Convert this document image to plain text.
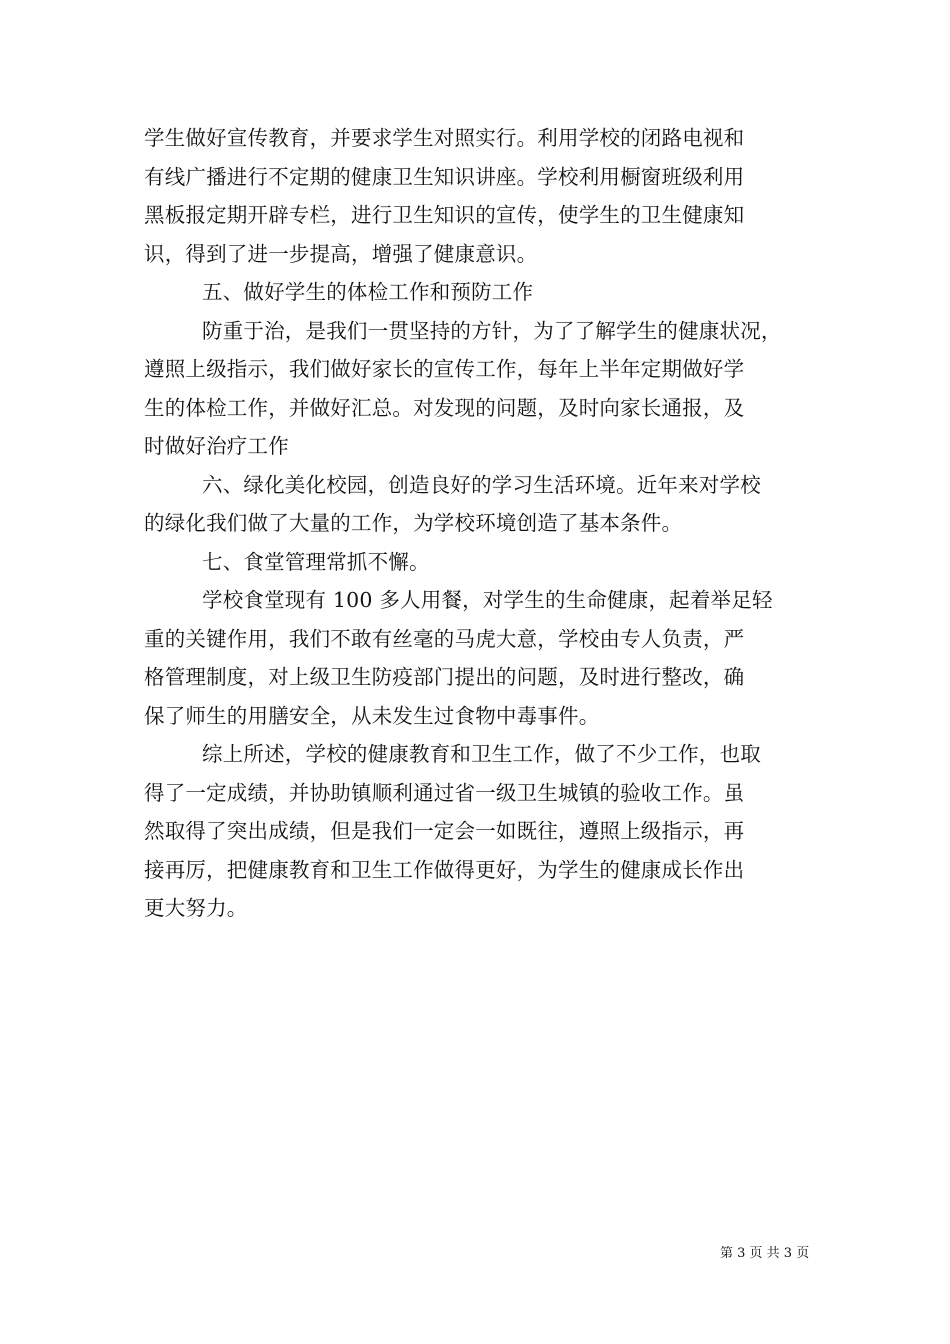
学生做好宣传教育，并要求学生对照实行。利用学校的闭路电视和
有线广播进行不定期的健康卫生知识讲座。学校利用橱窗班级利用
黑板报定期开辟专栏，进行卫生知识的宣传，使学生的卫生健康知
识，得到了进一步提高，增强了健康意识。
五、做好学生的体检工作和预防工作
防重于治，是我们一贯坚持的方针，为了了解学生的健康状况，
遵照上级指示，我们做好家长的宣传工作，每年上半年定期做好学
生的体检工作，并做好汇总。对发现的问题，及时向家长通报，及
时做好治疗工作
六、绿化美化校园，创造良好的学习生活环境。近年来对学校
的绿化我们做了大量的工作，为学校环境创造了基本条件。
七、食堂管理常抓不懈。
学校食堂现有 100 多人用餐，对学生的生命健康，起着举足轻
重的关键作用，我们不敢有丝毫的马虎大意，学校由专人负责，严
格管理制度，对上级卫生防疫部门提出的问题，及时进行整改，确
保了师生的用膳安全，从未发生过食物中毒事件。
综上所述，学校的健康教育和卫生工作，做了不少工作，也取
得了一定成绩，并协助镇顺利通过省一级卫生城镇的验收工作。虽
然取得了突出成绩，但是我们一定会一如既往，遵照上级指示，再
接再厉，把健康教育和卫生工作做得更好，为学生的健康成长作出
更大努力。
第 3 页 共 3 页
